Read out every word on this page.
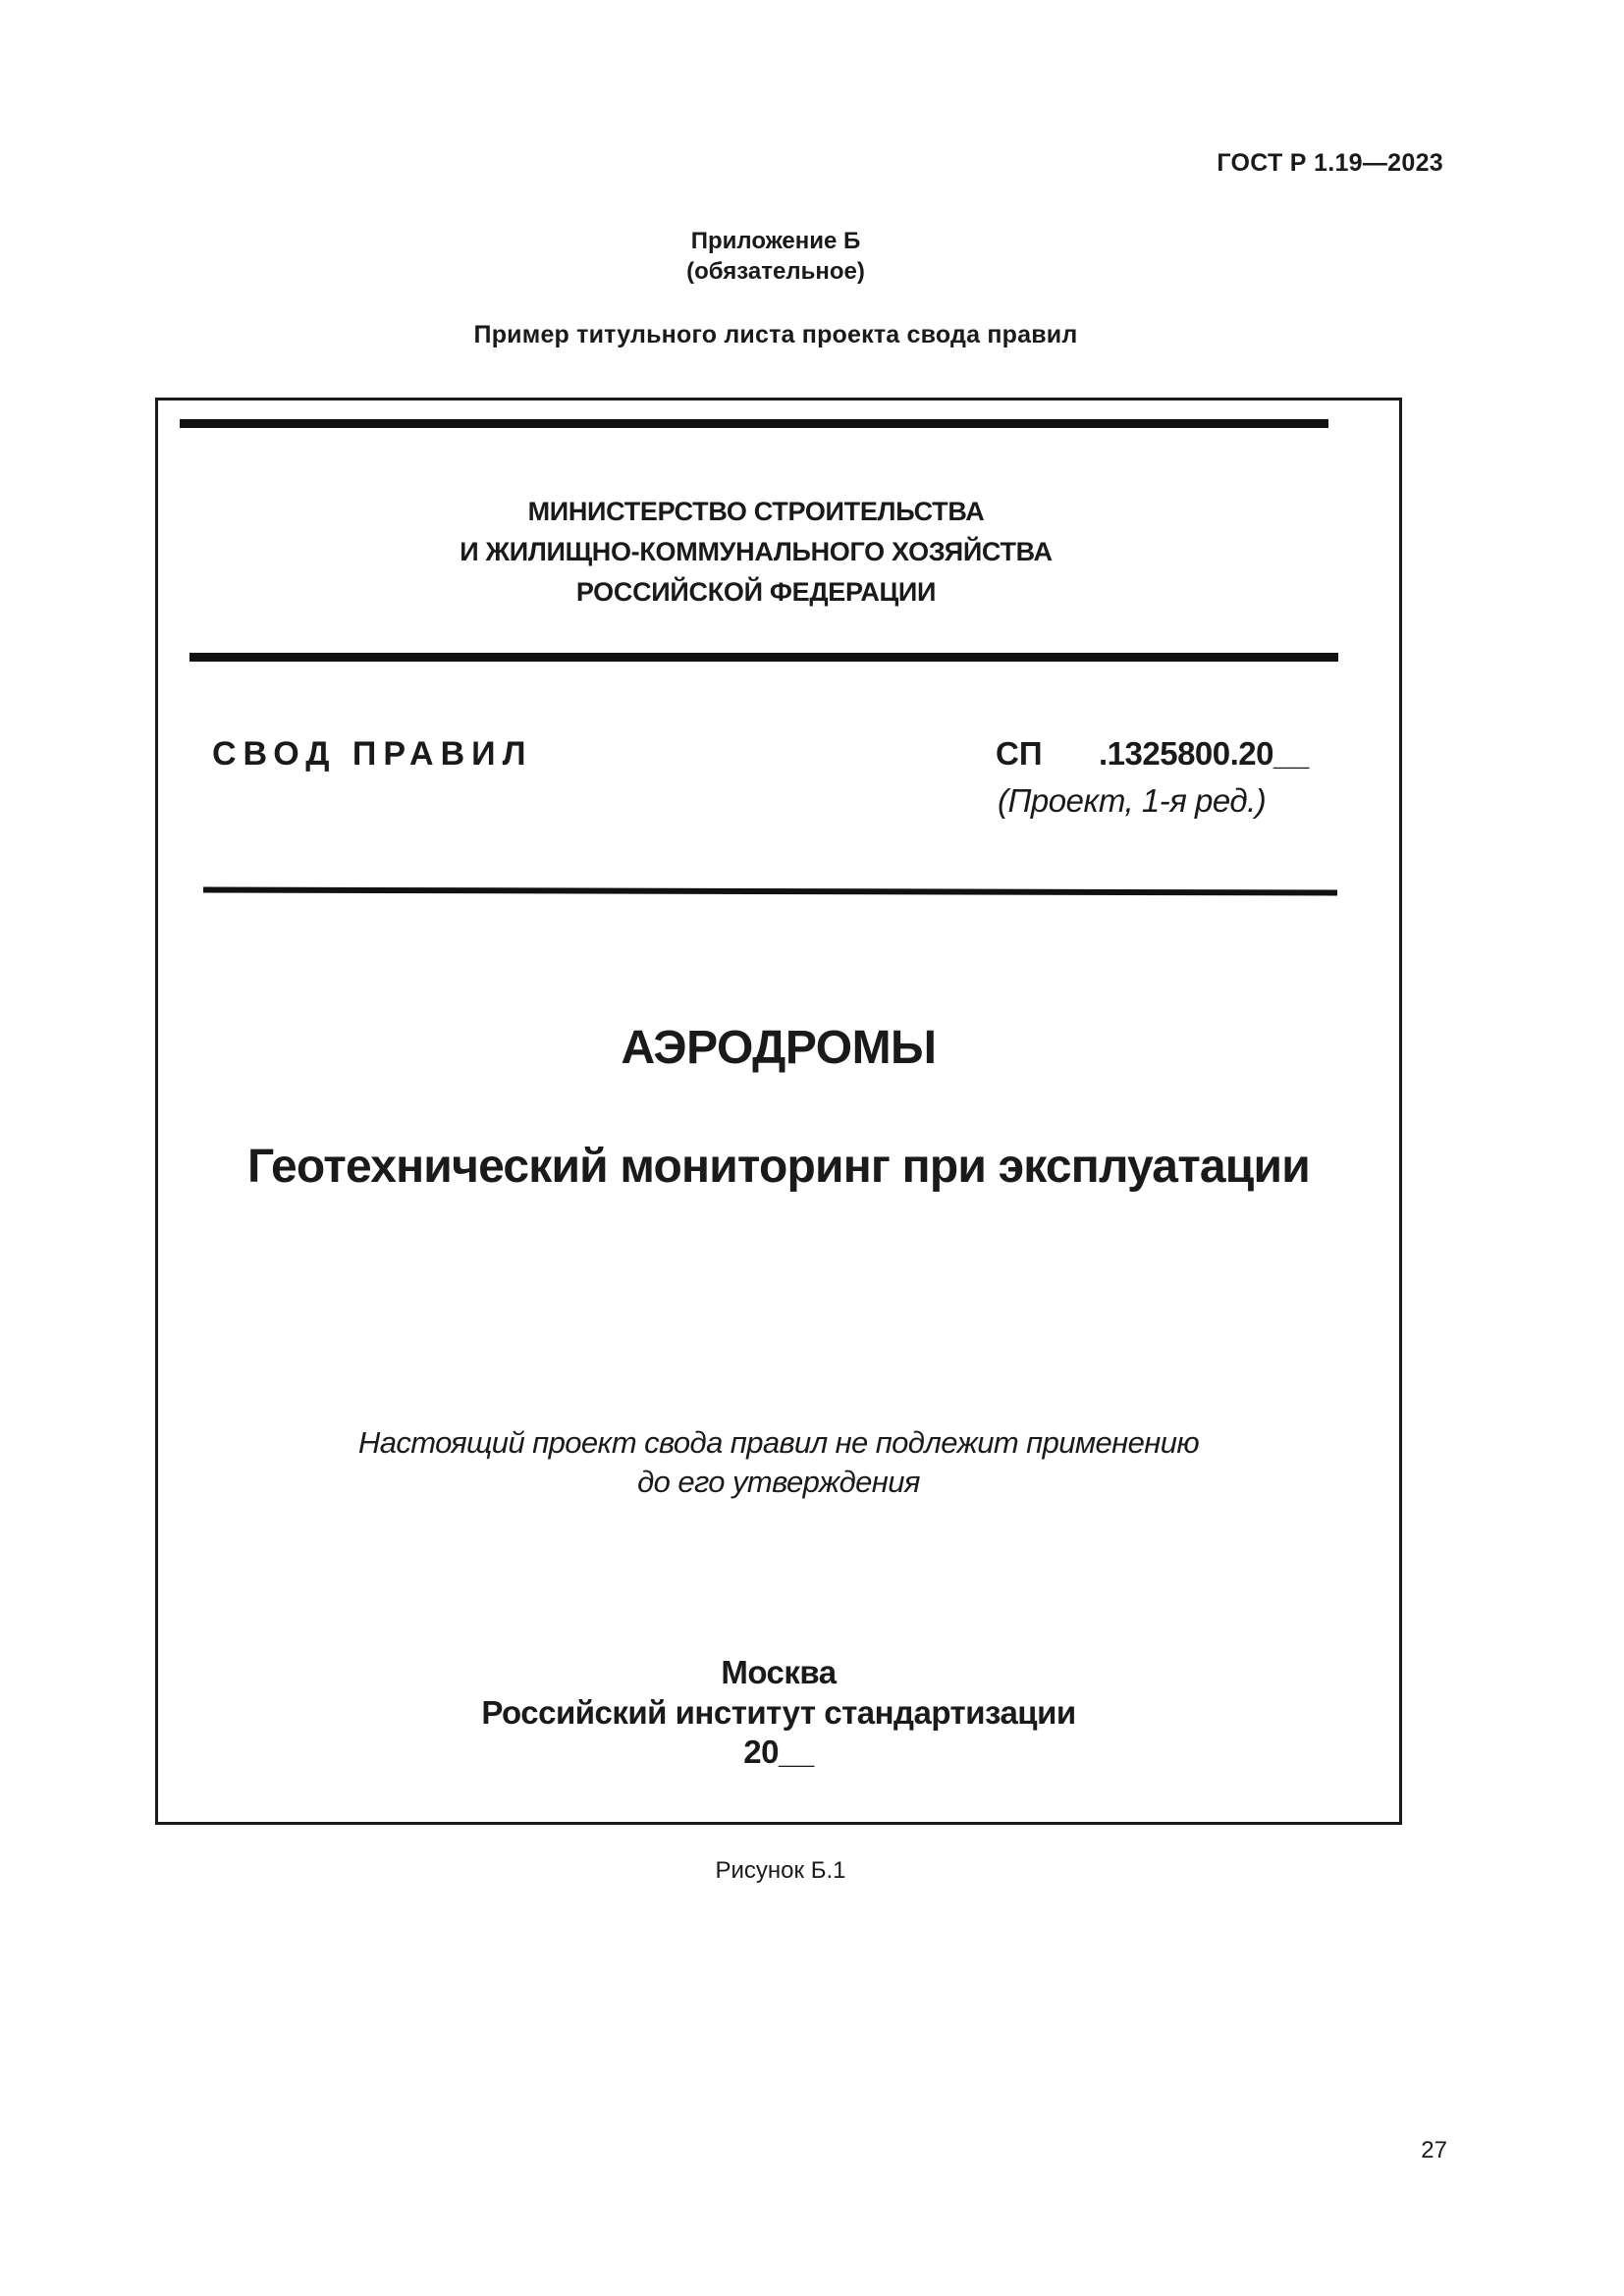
ГОСТ Р 1.19—2023
Приложение Б
(обязательное)
Пример титульного листа проекта свода правил
МИНИСТЕРСТВО СТРОИТЕЛЬСТВА
И ЖИЛИЩНО-КОММУНАЛЬНОГО ХОЗЯЙСТВА
РОССИЙСКОЙ ФЕДЕРАЦИИ
СВОД ПРАВИЛ	СП .1325800.20__
(Проект, 1-я ред.)
АЭРОДРОМЫ
Геотехнический мониторинг при эксплуатации
Настоящий проект свода правил не подлежит применению
до его утверждения
Москва
Российский институт стандартизации
20__
Рисунок Б.1
27
